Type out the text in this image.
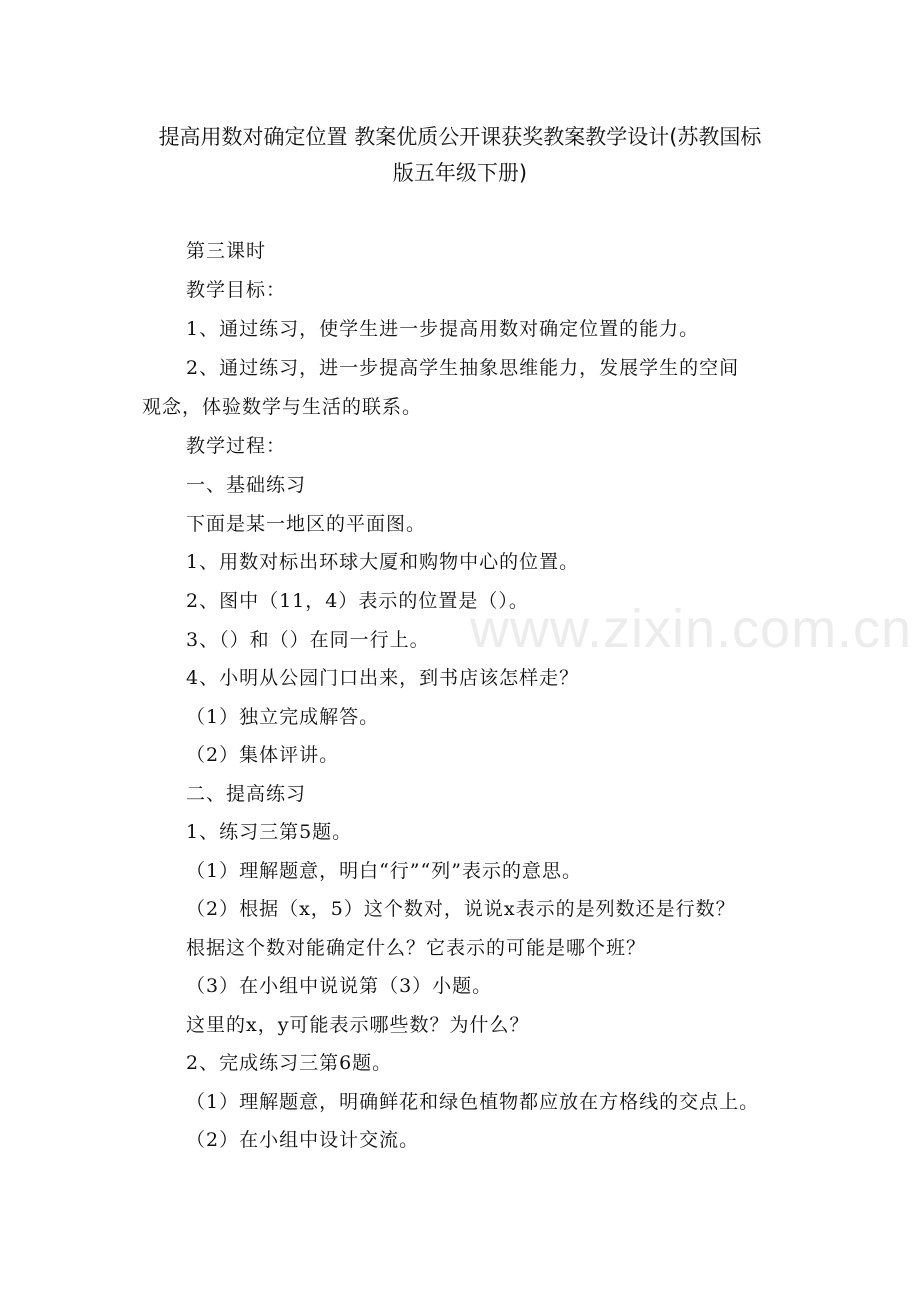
提高用数对确定位置 教案优质公开课获奖教案教学设计(苏教国标
版五年级下册)
www.zixin.com.cn
第三课时
教学目标：
1、通过练习，使学生进一步提高用数对确定位置的能力。
2、通过练习，进一步提高学生抽象思维能力，发展学生的空间
观念，体验数学与生活的联系。
教学过程：
一、基础练习
下面是某一地区的平面图。
1、用数对标出环球大厦和购物中心的位置。
2、图中（11，4）表示的位置是（）。
3、（）和（）在同一行上。
4、小明从公园门口出来，到书店该怎样走？
（1）独立完成解答。
（2）集体评讲。
二、提高练习
1、练习三第5题。
（1）理解题意，明白“行”“列”表示的意思。
（2）根据（x，5）这个数对，说说x表示的是列数还是行数？
根据这个数对能确定什么？它表示的可能是哪个班？
（3）在小组中说说第（3）小题。
这里的x，y可能表示哪些数？为什么？
2、完成练习三第6题。
（1）理解题意，明确鲜花和绿色植物都应放在方格线的交点上。
（2）在小组中设计交流。
